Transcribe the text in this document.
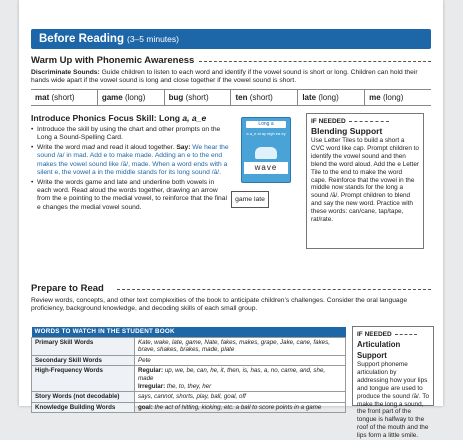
Before Reading (3–5 minutes)
Warm Up with Phonemic Awareness
Discriminate Sounds: Guide children to listen to each word and identify if the vowel sound is short or long. Children can hold their hands wide apart if the vowel sound is long and close together if the vowel sound is short.
mat (short)	game (long)	bug (short)	ten (short)	late (long)	me (long)
Introduce Phonics Focus Skill: Long a, a_e
• Introduce the skill by using the chart and other prompts on the Long a Sound-Spelling Card.
• Write the word mad and read it aloud together. Say: We hear the sound /a/ in mad. Add e to make made. Adding an e to the end makes the vowel sound like /ā/, made. When a word ends with a silent e, the vowel a in the middle stands for its long sound /ā/.
• Write the words game and late and underline both vowels in each word. Read aloud the words together, drawing an arrow from the e pointing to the medial vowel, to reinforce that the final e changes the medial vowel sound.
Long a
a a_e ai ay eigh ea ey
wave
game late
IF NEEDED
Blending Support
Use Letter Tiles to build a short a CVC word like cap. Prompt children to identify the vowel sound and then blend the word aloud. Add the e Letter Tile to the end to make the word cape. Reinforce that the vowel in the middle now stands for the long a sound /ā/. Prompt children to blend and say the new word. Practice with these words: can/cane, tap/tape, rat/rate.
Prepare to Read
Review words, concepts, and other text complexities of the book to anticipate children’s challenges. Consider the oral language proficiency, background knowledge, and decoding skills of each small group.
WORDS TO WATCH IN THE STUDENT BOOK	
Primary Skill Words	Kate, wake, late, game, Nate, fakes, makes, grape, Jake, cane, fakes, brave, shakes, brakes, made, plate
Secondary Skill Words	Pete
High-Frequency Words	Regular: up, we, be, can, he, it, then, is, has, a, no, came, and, she, made
Irregular: the, to, they, her
Story Words (not decodable)	says, cannot, shorts, play, ball, goal, off
Knowledge Building Words	goal: the act of hitting, kicking, etc. a ball to score points in a game
IF NEEDED
Articulation Support
Support phoneme articulation by addressing how your lips and tongue are used to produce the sound /ā/. To make the long a sound, the front part of the tongue is halfway to the roof of the mouth and the lips form a little smile.
